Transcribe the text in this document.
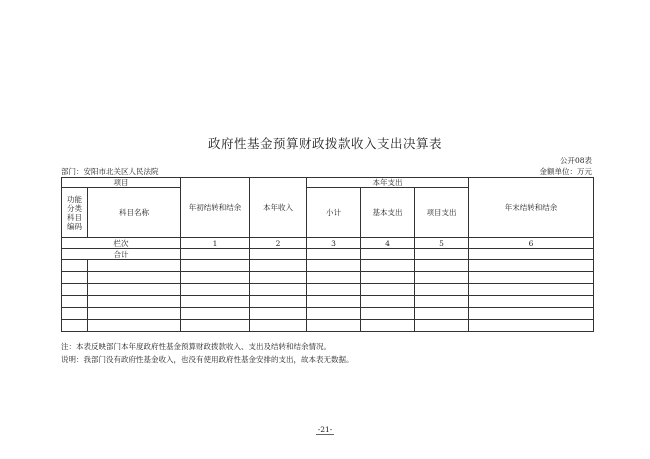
政府性基金预算财政拨款收入支出决算表
公开08表
部门：安阳市北关区人民法院	金额单位：万元
项目		年初结转和结余	本年收入	本年支出			年末结转和结余

功能
分类
科目
编码	科目名称			小计	基本支出	项目支出	
栏次		1	2	3	4	5	6
合计							

注：本表反映部门本年度政府性基金预算财政拨款收入、支出及结转和结余情况。
说明：我部门没有政府性基金收入，也没有使用政府性基金安排的支出，故本表无数据。
-21-
